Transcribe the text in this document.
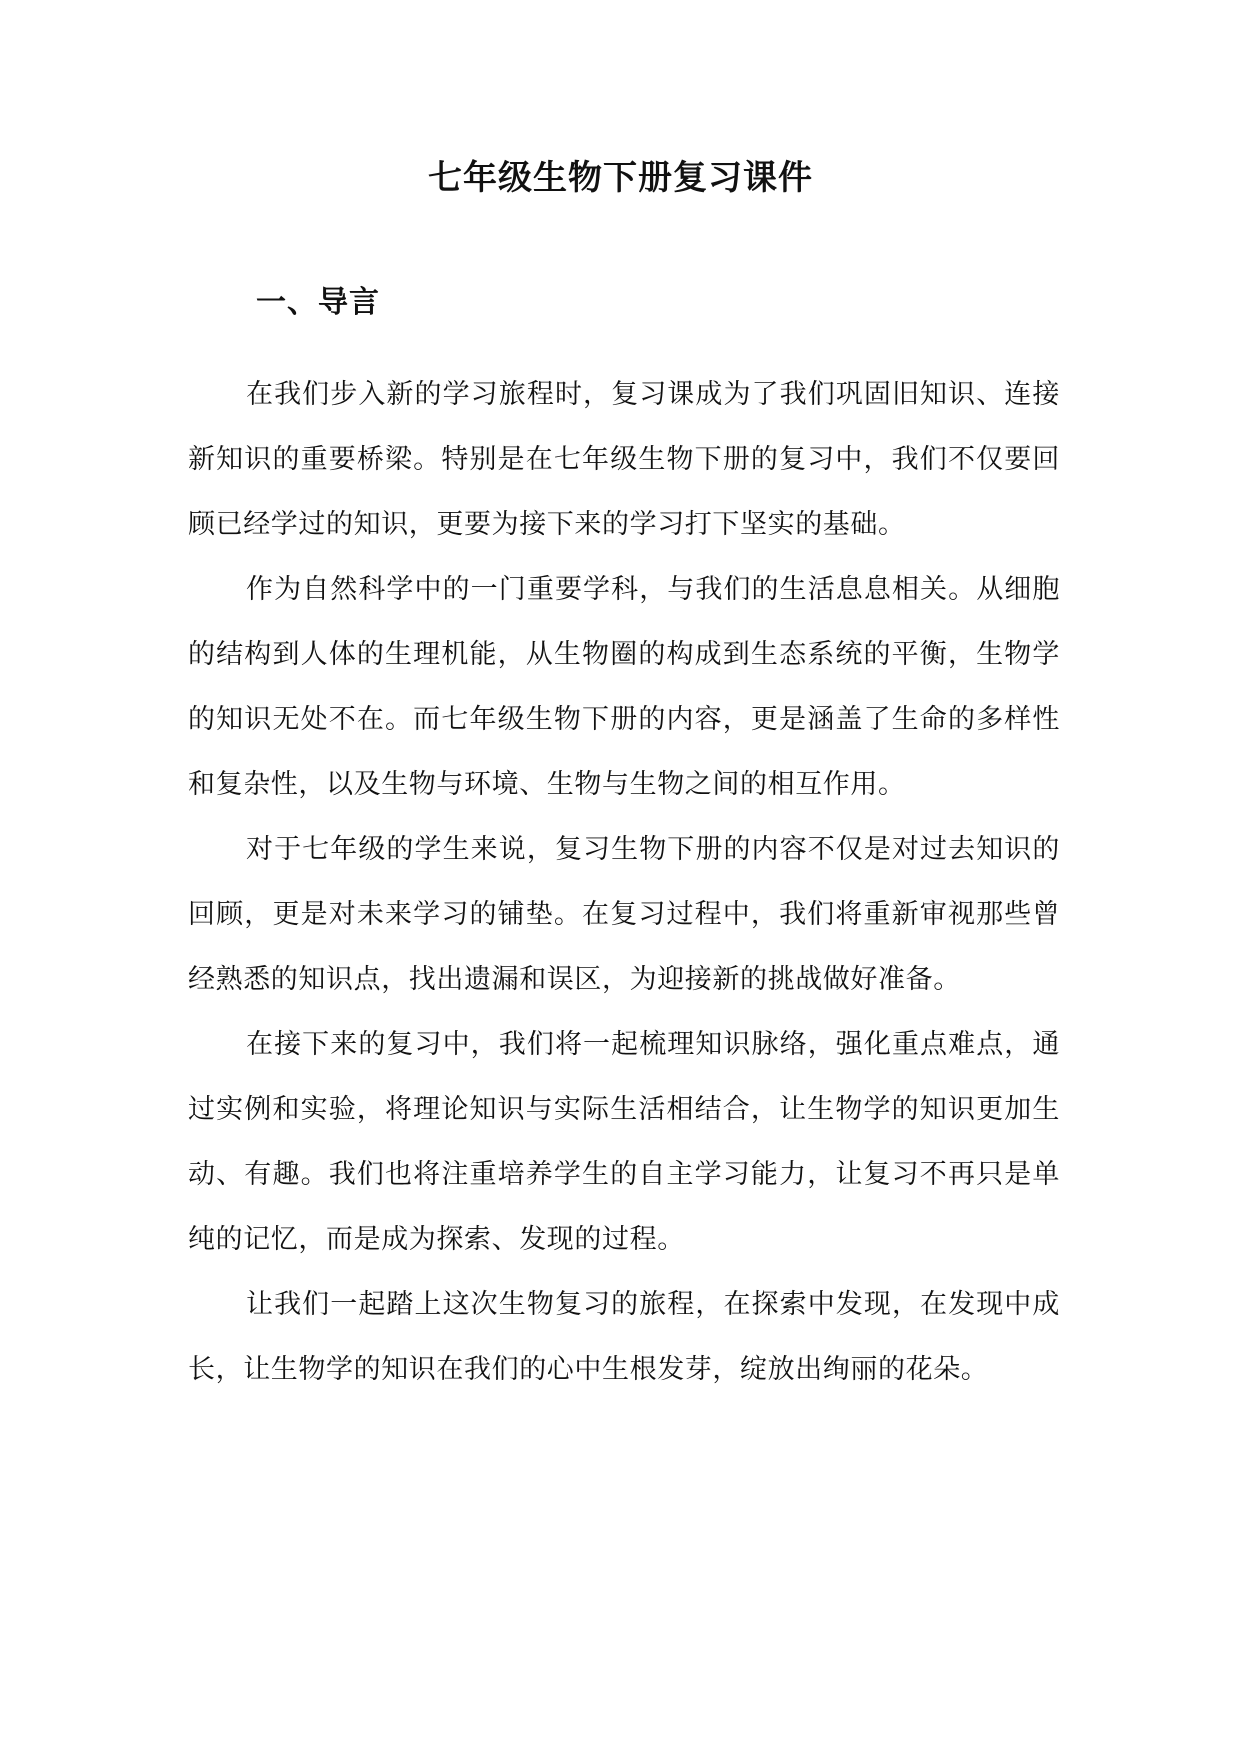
七年级生物下册复习课件
一、导言

在我们步入新的学习旅程时，复习课成为了我们巩固旧知识、连接新知识的重要桥梁。特别是在七年级生物下册的复习中，我们不仅要回顾已经学过的知识，更要为接下来的学习打下坚实的基础。

作为自然科学中的一门重要学科，与我们的生活息息相关。从细胞的结构到人体的生理机能，从生物圈的构成到生态系统的平衡，生物学的知识无处不在。而七年级生物下册的内容，更是涵盖了生命的多样性和复杂性，以及生物与环境、生物与生物之间的相互作用。

对于七年级的学生来说，复习生物下册的内容不仅是对过去知识的回顾，更是对未来学习的铺垫。在复习过程中，我们将重新审视那些曾经熟悉的知识点，找出遗漏和误区，为迎接新的挑战做好准备。

在接下来的复习中，我们将一起梳理知识脉络，强化重点难点，通过实例和实验，将理论知识与实际生活相结合，让生物学的知识更加生动、有趣。我们也将注重培养学生的自主学习能力，让复习不再只是单纯的记忆，而是成为探索、发现的过程。

让我们一起踏上这次生物复习的旅程，在探索中发现，在发现中成长，让生物学的知识在我们的心中生根发芽，绽放出绚丽的花朵。
